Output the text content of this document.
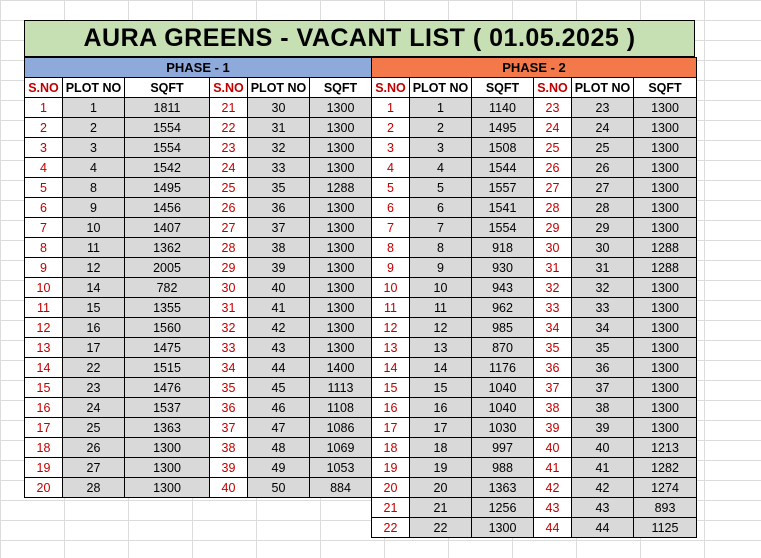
AURA GREENS - VACANT LIST ( 01.05.2025 )
PHASE - 1					
S.NO	PLOT NO	SQFT	S.NO	PLOT NO	SQFT
1	1	1811	21	30	1300
2	2	1554	22	31	1300
3	3	1554	23	32	1300
4	4	1542	24	33	1300
5	8	1495	25	35	1288
6	9	1456	26	36	1300
7	10	1407	27	37	1300
8	11	1362	28	38	1300
9	12	2005	29	39	1300
10	14	782	30	40	1300
11	15	1355	31	41	1300
12	16	1560	32	42	1300
13	17	1475	33	43	1300
14	22	1515	34	44	1400
15	23	1476	35	45	1113
16	24	1537	36	46	1108
17	25	1363	37	47	1086
18	26	1300	38	48	1069
19	27	1300	39	49	1053
20	28	1300	40	50	884
PHASE - 2					
S.NO	PLOT NO	SQFT	S.NO	PLOT NO	SQFT
1	1	1140	23	23	1300
2	2	1495	24	24	1300
3	3	1508	25	25	1300
4	4	1544	26	26	1300
5	5	1557	27	27	1300
6	6	1541	28	28	1300
7	7	1554	29	29	1300
8	8	918	30	30	1288
9	9	930	31	31	1288
10	10	943	32	32	1300
11	11	962	33	33	1300
12	12	985	34	34	1300
13	13	870	35	35	1300
14	14	1176	36	36	1300
15	15	1040	37	37	1300
16	16	1040	38	38	1300
17	17	1030	39	39	1300
18	18	997	40	40	1213
19	19	988	41	41	1282
20	20	1363	42	42	1274
21	21	1256	43	43	893
22	22	1300	44	44	1125
